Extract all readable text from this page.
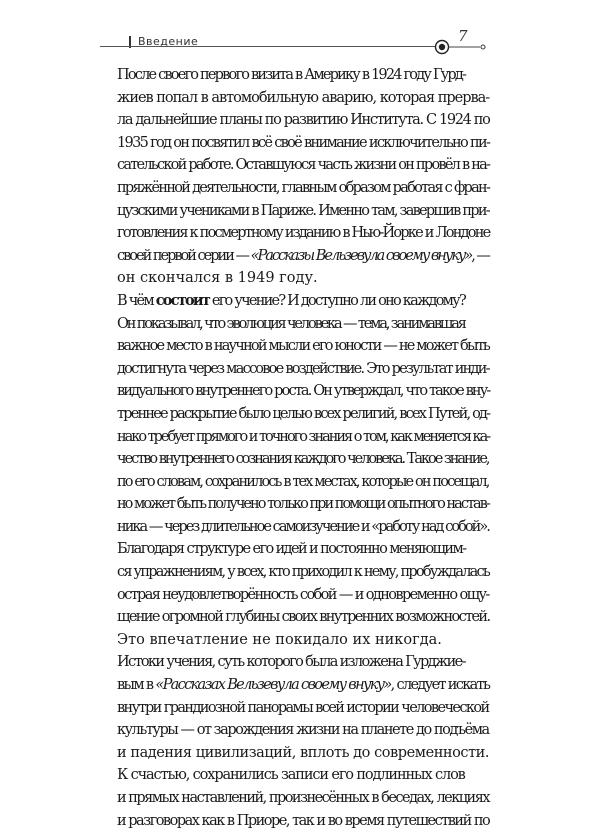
Введение	7

После своего первого визита в Америку в 1924 году Гурд-
жиев попал в автомобильную аварию, которая прерва-
ла дальнейшие планы по развитию Института. С 1924 по
1935 год он посвятил всё своё внимание исключительно пи-
сательской работе. Оставшуюся часть жизни он провёл в на-
пряжённой деятельности, главным образом работая с фран-
цузскими учениками в Париже. Именно там, завершив при-
готовления к посмертному изданию в Нью-Йорке и Лондоне
своей первой серии — «Рассказы Вельзевула своему внуку», —
он скончался в 1949 году.

В чём состоит его учение? И доступно ли оно каждому?

Он показывал, что эволюция человека — тема, занимавшая
важное место в научной мысли его юности — не может быть
достигнута через массовое воздействие. Это результат инди-
видуального внутреннего роста. Он утверждал, что такое вну-
треннее раскрытие было целью всех религий, всех Путей, од-
нако требует прямого и точного знания о том, как меняется ка-
чество внутреннего сознания каждого человека. Такое знание,
по его словам, сохранилось в тех местах, которые он посещал,
но может быть получено только при помощи опытного настав-
ника — через длительное самоизучение и «работу над собой».

Благодаря структуре его идей и постоянно меняющим-
ся упражнениям, у всех, кто приходил к нему, пробуждалась
острая неудовлетворённость собой — и одновременно ощу-
щение огромной глубины своих внутренних возможностей.
Это впечатление не покидало их никогда.

Истоки учения, суть которого была изложена Гурджие-
вым в «Рассказах Вельзевула своему внуку», следует искать
внутри грандиозной панорамы всей истории человеческой
культуры — от зарождения жизни на планете до подъёма
и падения цивилизаций, вплоть до современности.

К счастью, сохранились записи его подлинных слов
и прямых наставлений, произнесённых в беседах, лекциях
и разговорах как в Приоре, так и во время путешествий по
